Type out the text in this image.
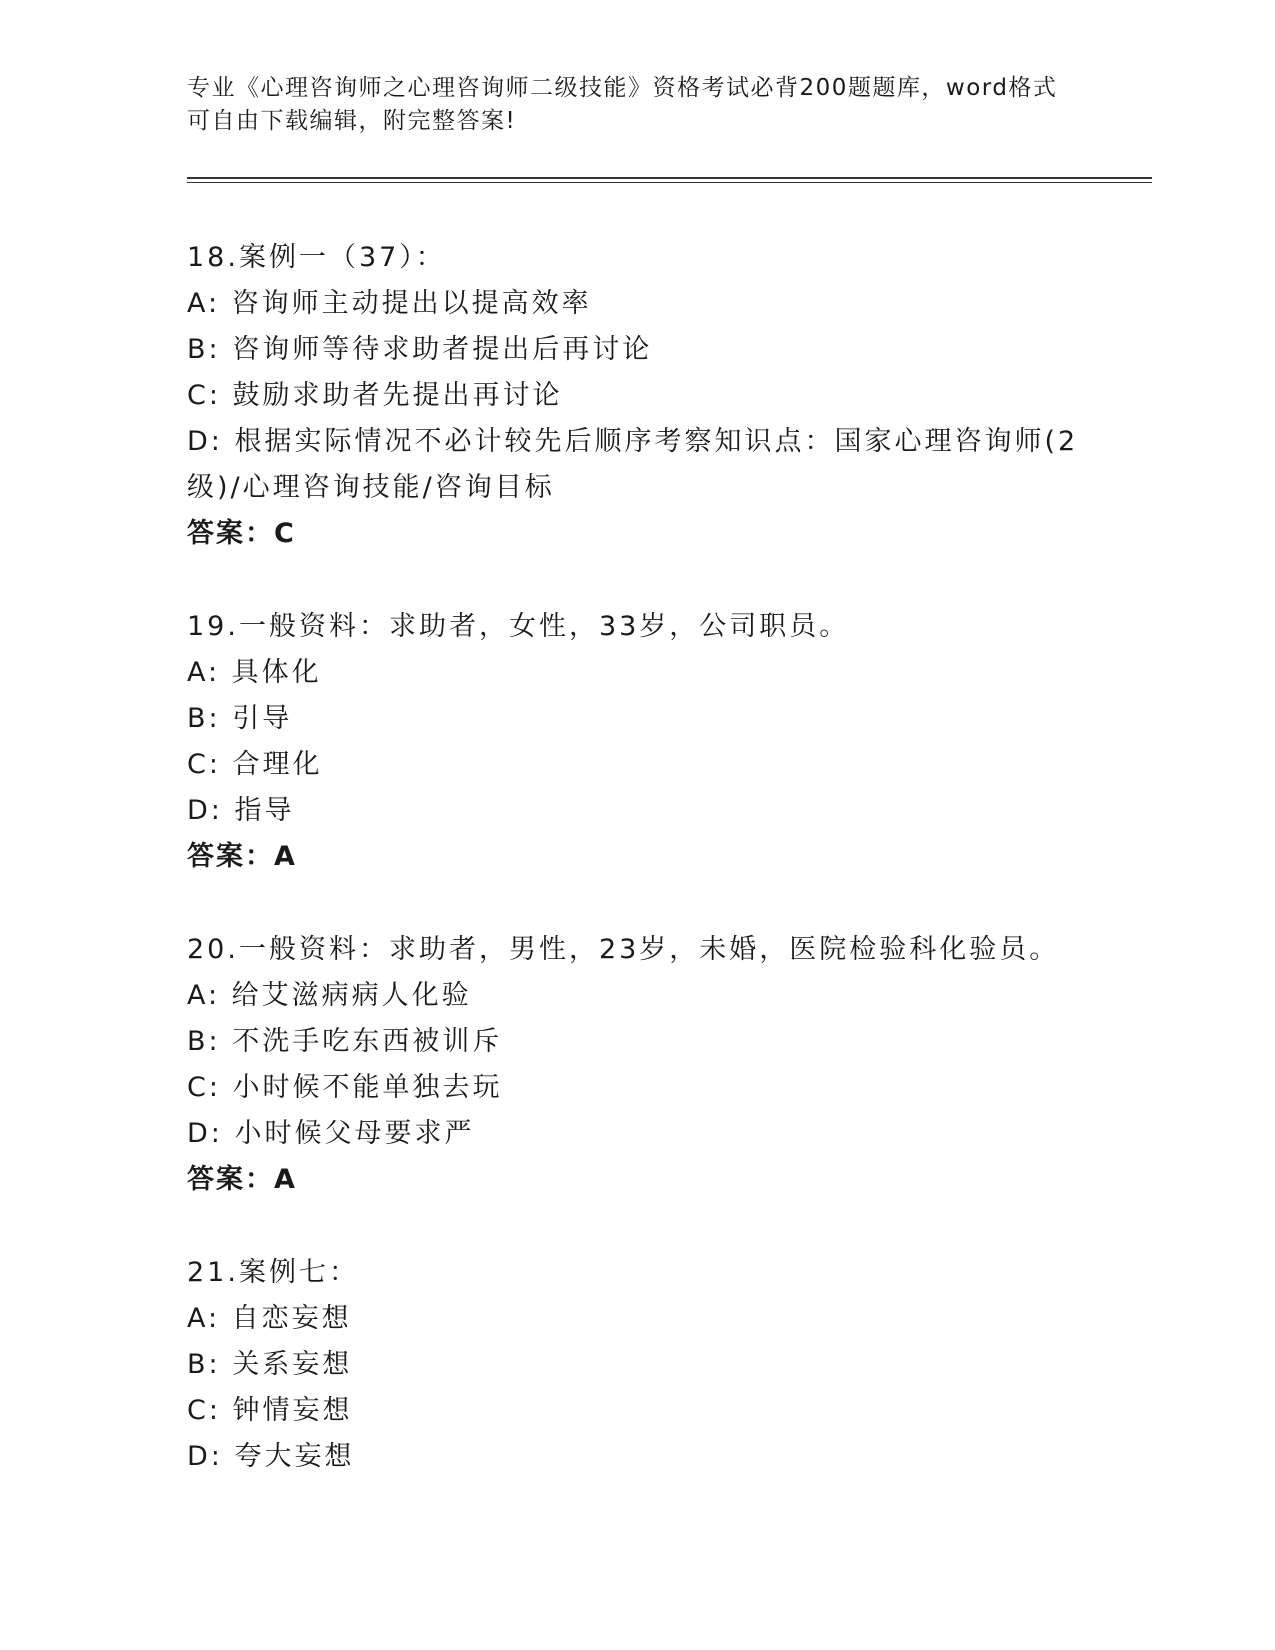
专业《心理咨询师之心理咨询师二级技能》资格考试必背200题题库，word格式
可自由下载编辑，附完整答案!
18.案例一（37）：
A: 咨询师主动提出以提高效率
B: 咨询师等待求助者提出后再讨论
C: 鼓励求助者先提出再讨论
D: 根据实际情况不必计较先后顺序考察知识点：国家心理咨询师(2级)/心理咨询技能/咨询目标
答案：C
19.一般资料：求助者，女性，33岁，公司职员。
A: 具体化
B: 引导
C: 合理化
D: 指导
答案：A
20.一般资料：求助者，男性，23岁，未婚，医院检验科化验员。
A: 给艾滋病病人化验
B: 不洗手吃东西被训斥
C: 小时候不能单独去玩
D: 小时候父母要求严
答案：A
21.案例七：
A: 自恋妄想
B: 关系妄想
C: 钟情妄想
D: 夸大妄想
